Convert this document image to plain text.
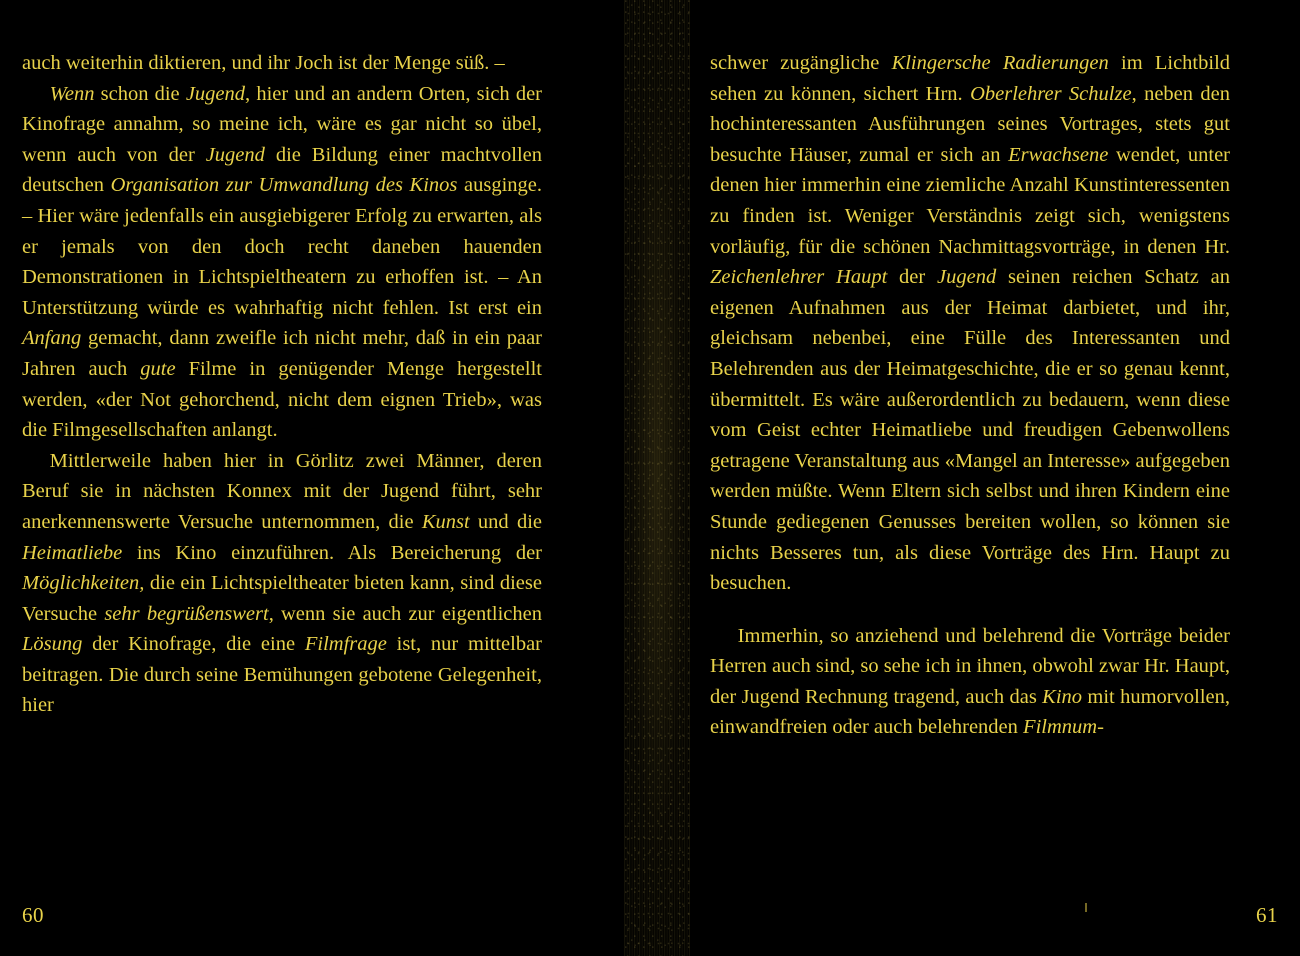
auch weiterhin diktieren, und ihr Joch ist der Menge süß. –

Wenn schon die Jugend, hier und an andern Orten, sich der Kinofrage annahm, so meine ich, wäre es gar nicht so übel, wenn auch von der Jugend die Bildung einer machtvollen deutschen Organisation zur Umwandlung des Kinos ausginge. – Hier wäre jedenfalls ein ausgiebigerer Erfolg zu erwarten, als er jemals von den doch recht daneben hauenden Demonstrationen in Lichtspieltheatern zu erhoffen ist. – An Unterstützung würde es wahrhaftig nicht fehlen. Ist erst ein Anfang gemacht, dann zweifle ich nicht mehr, daß in ein paar Jahren auch gute Filme in genügender Menge hergestellt werden, «der Not gehorchend, nicht dem eignen Trieb», was die Filmgesellschaften anlangt.

Mittlerweile haben hier in Görlitz zwei Männer, deren Beruf sie in nächsten Konnex mit der Jugend führt, sehr anerkennenswerte Versuche unternommen, die Kunst und die Heimatliebe ins Kino einzuführen. Als Bereicherung der Möglichkeiten, die ein Lichtspieltheater bieten kann, sind diese Versuche sehr begrüßenswert, wenn sie auch zur eigentlichen Lösung der Kinofrage, die eine Filmfrage ist, nur mittelbar beitragen. Die durch seine Bemühungen gebotene Gelegenheit, hier

schwer zugängliche Klingersche Radierungen im Lichtbild sehen zu können, sichert Hrn. Oberlehrer Schulze, neben den hochinteressanten Ausführungen seines Vortrages, stets gut besuchte Häuser, zumal er sich an Erwachsene wendet, unter denen hier immerhin eine ziemliche Anzahl Kunstinteressenten zu finden ist. Weniger Verständnis zeigt sich, wenigstens vorläufig, für die schönen Nachmittagsvorträge, in denen Hr. Zeichenlehrer Haupt der Jugend seinen reichen Schatz an eigenen Aufnahmen aus der Heimat darbietet, und ihr, gleichsam nebenbei, eine Fülle des Interessanten und Belehrenden aus der Heimatgeschichte, die er so genau kennt, übermittelt. Es wäre außerordentlich zu bedauern, wenn diese vom Geist echter Heimatliebe und freudigen Gebenwollens getragene Veranstaltung aus «Mangel an Interesse» aufgegeben werden müßte. Wenn Eltern sich selbst und ihren Kindern eine Stunde gediegenen Genusses bereiten wollen, so können sie nichts Besseres tun, als diese Vorträge des Hrn. Haupt zu besuchen.

Immerhin, so anziehend und belehrend die Vorträge beider Herren auch sind, so sehe ich in ihnen, obwohl zwar Hr. Haupt, der Jugend Rechnung tragend, auch das Kino mit humorvollen, einwandfreien oder auch belehrenden Filmnum-

60	61
